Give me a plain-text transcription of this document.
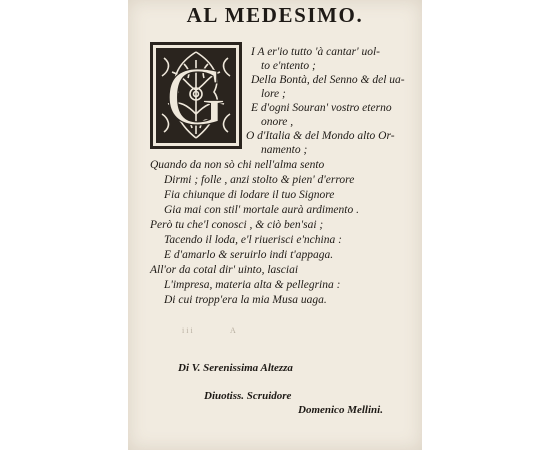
AL MEDESIMO.
G I A er'io tutto 'à cantar' uol-
to e'ntento ;
Della Bontà, del Senno & del ua-
lore ;
E d'ogni Souran' vostro eterno
onore ,
O d'Italia & del Mondo alto Or-
namento ;
Quando da non sò chi nell'alma sento
Dirmi ; folle , anzi stolto & pien' d'errore
Fia chiunque di lodare il tuo Signore
Gia mai con stil' mortale aurà ardimento .
Però tu che'l conosci , & ciò ben'sai ;
Tacendo il loda, e'l riuerisci e'nchina :
E d'amarlo & seruirlo indi t'appaga.
All'or da cotal dir' uinto, lasciai
L'impresa, materia alta & pellegrina :
Di cui tropp'era la mia Musa uaga.
i i i	A
Di V. Serenissima Altezza
Diuotiss. Scruidore
Domenico Mellini.
